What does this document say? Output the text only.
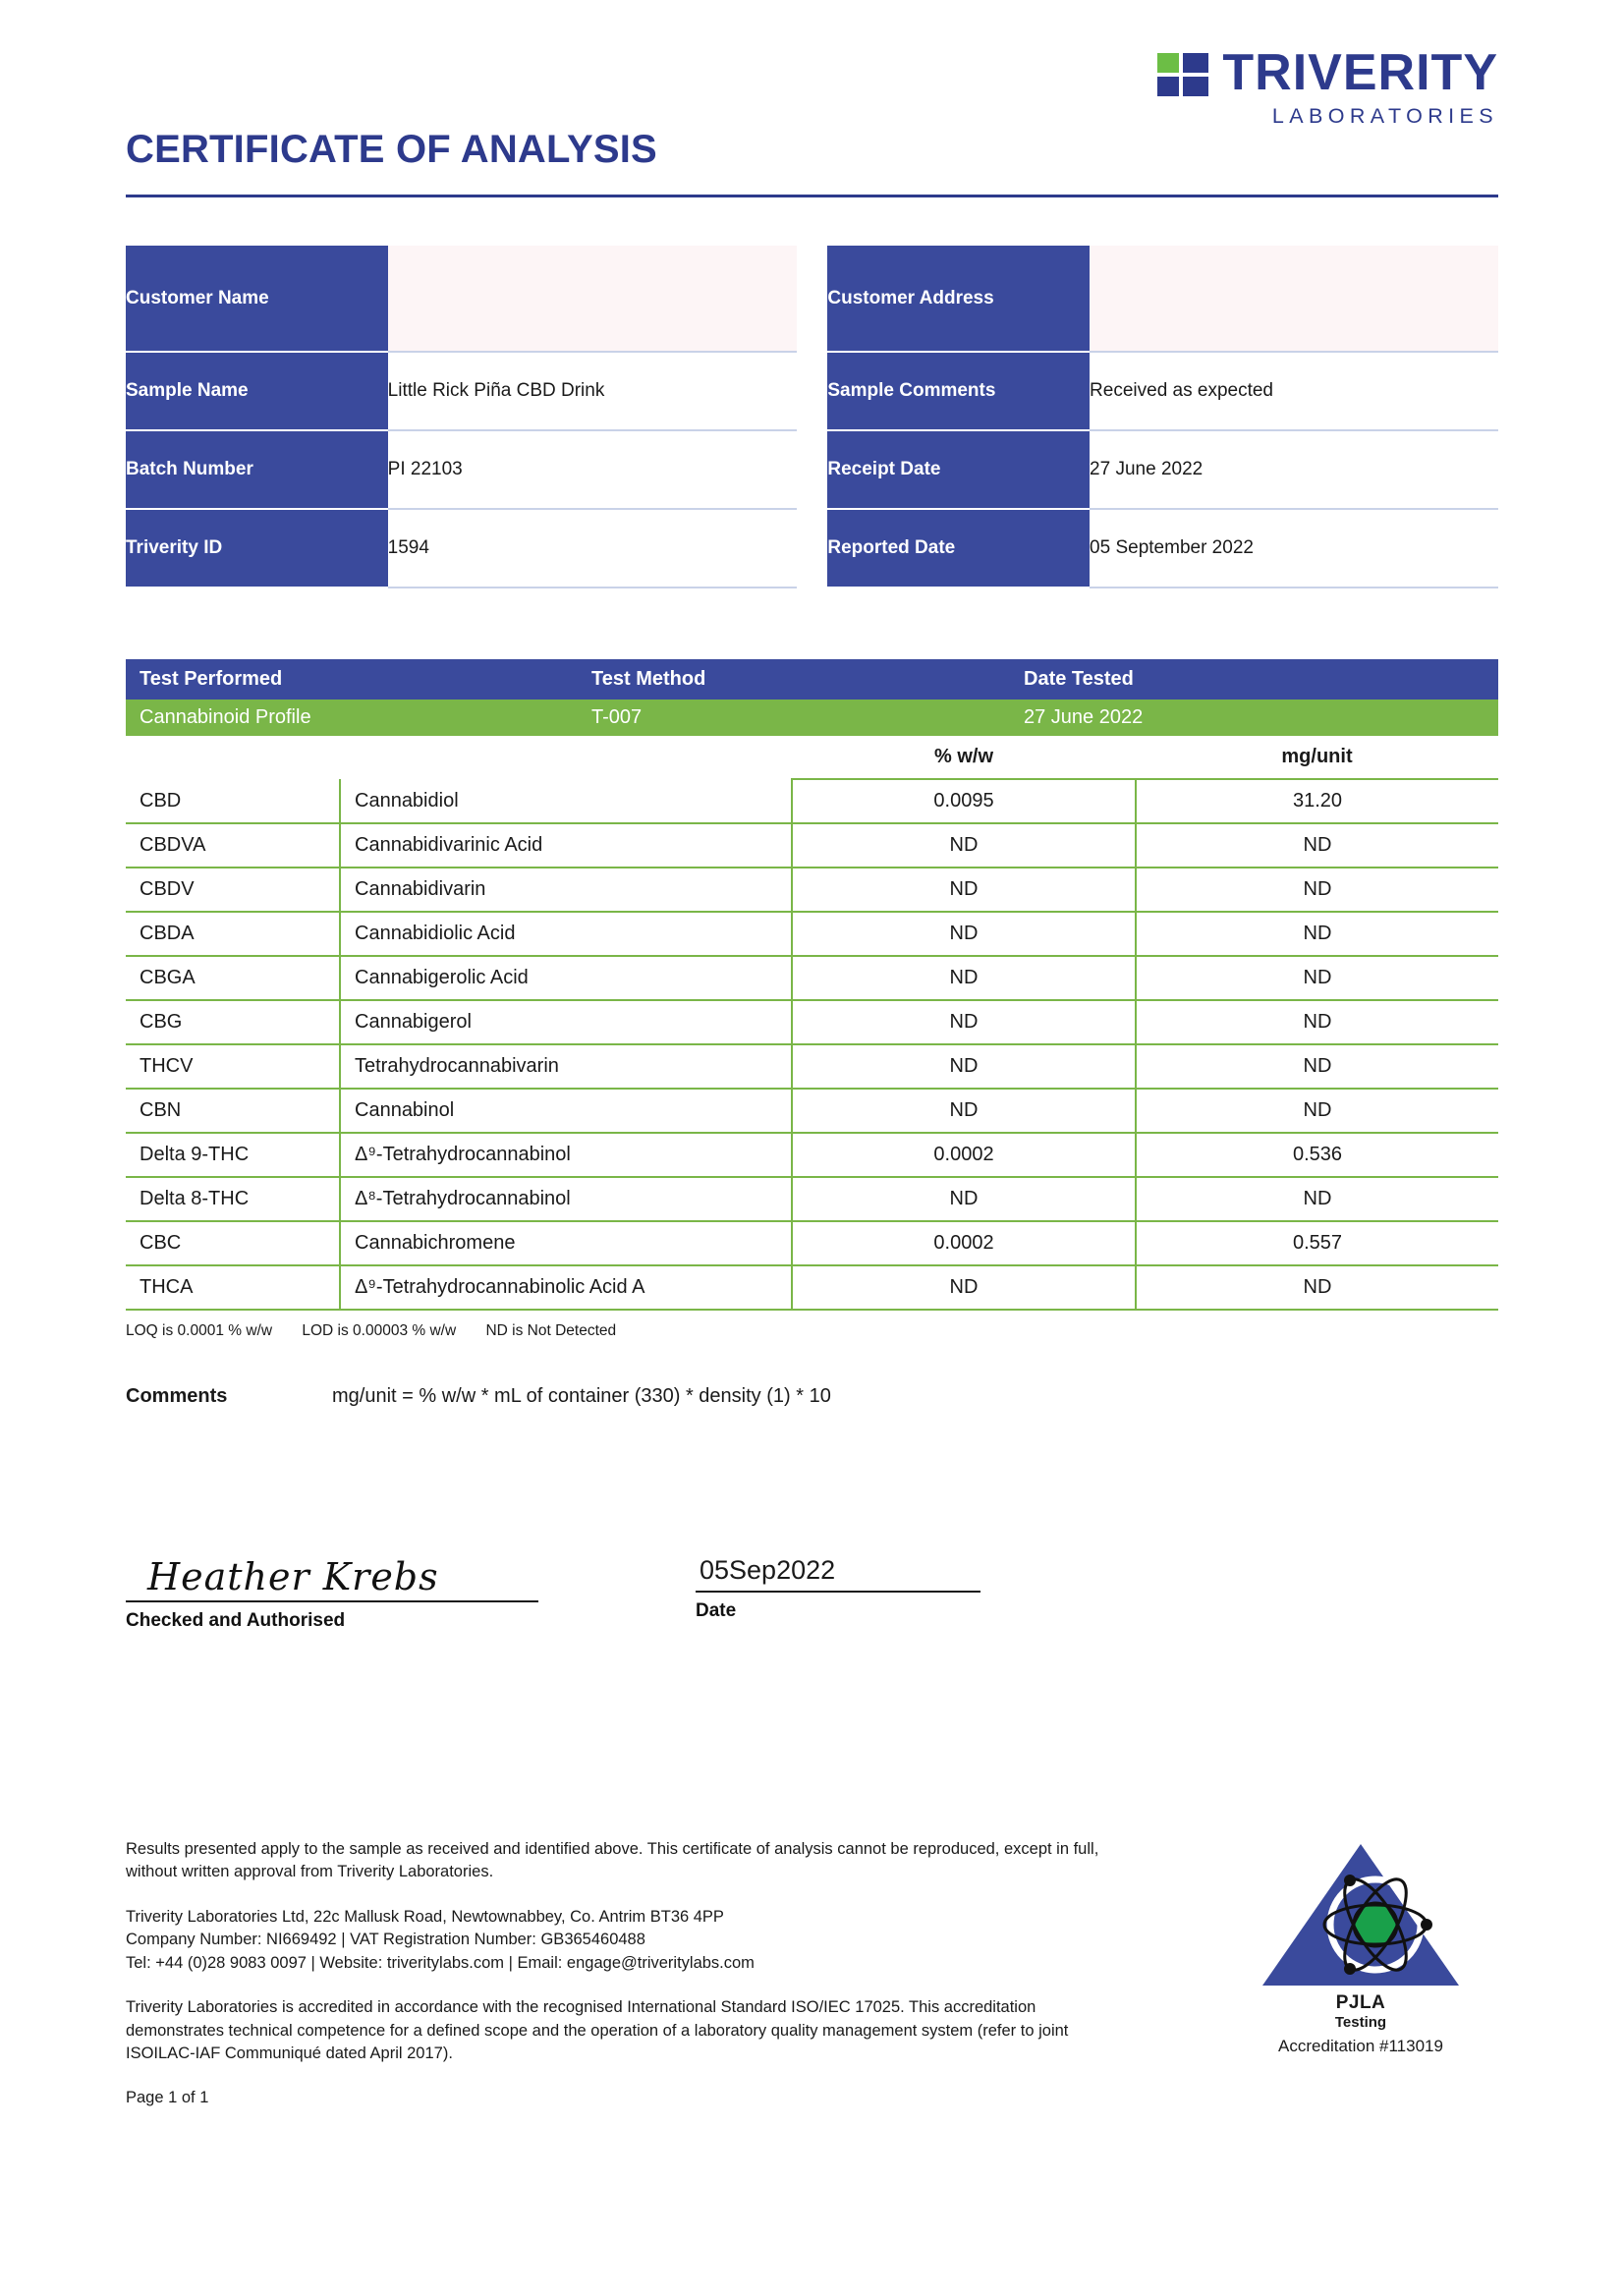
TRIVERITY
LABORATORIES
CERTIFICATE OF ANALYSIS
Customer Name			Customer Address	
Sample Name	Little Rick Piña CBD Drink		Sample Comments	Received as expected
Batch Number	PI 22103		Receipt Date	27 June 2022
Triverity ID	1594		Reported Date	05 September 2022
Test Performed	Test Method	Date Tested
Cannabinoid Profile	T-007	27 June 2022
		% w/w	mg/unit
CBD	Cannabidiol	0.0095	31.20
CBDVA	Cannabidivarinic Acid	ND	ND
CBDV	Cannabidivarin	ND	ND
CBDA	Cannabidiolic Acid	ND	ND
CBGA	Cannabigerolic Acid	ND	ND
CBG	Cannabigerol	ND	ND
THCV	Tetrahydrocannabivarin	ND	ND
CBN	Cannabinol	ND	ND
Delta 9-THC	Δ⁹-Tetrahydrocannabinol	0.0002	0.536
Delta 8-THC	Δ⁸-Tetrahydrocannabinol	ND	ND
CBC	Cannabichromene	0.0002	0.557
THCA	Δ⁹-Tetrahydrocannabinolic Acid A	ND	ND
LOQ is 0.0001 % w/w LOD is 0.00003 % w/w ND is Not Detected
Comments	mg/unit = % w/w * mL of container (330) * density (1) * 10
Heather Krebs
Checked and Authorised
05Sep2022
Date

Results presented apply to the sample as received and identified above. This certificate of analysis cannot be reproduced, except in full, without written approval from Triverity Laboratories.

Triverity Laboratories Ltd, 22c Mallusk Road, Newtownabbey, Co. Antrim BT36 4PP
Company Number: NI669492 | VAT Registration Number: GB365460488
Tel: +44 (0)28 9083 0097 | Website: triveritylabs.com | Email: engage@triveritylabs.com

Triverity Laboratories is accredited in accordance with the recognised International Standard ISO/IEC 17025. This accreditation demonstrates technical competence for a defined scope and the operation of a laboratory quality management system (refer to joint ISOILAC-IAF Communiqué dated April 2017).

Page 1 of 1
PJLA
Testing
Accreditation #113019
